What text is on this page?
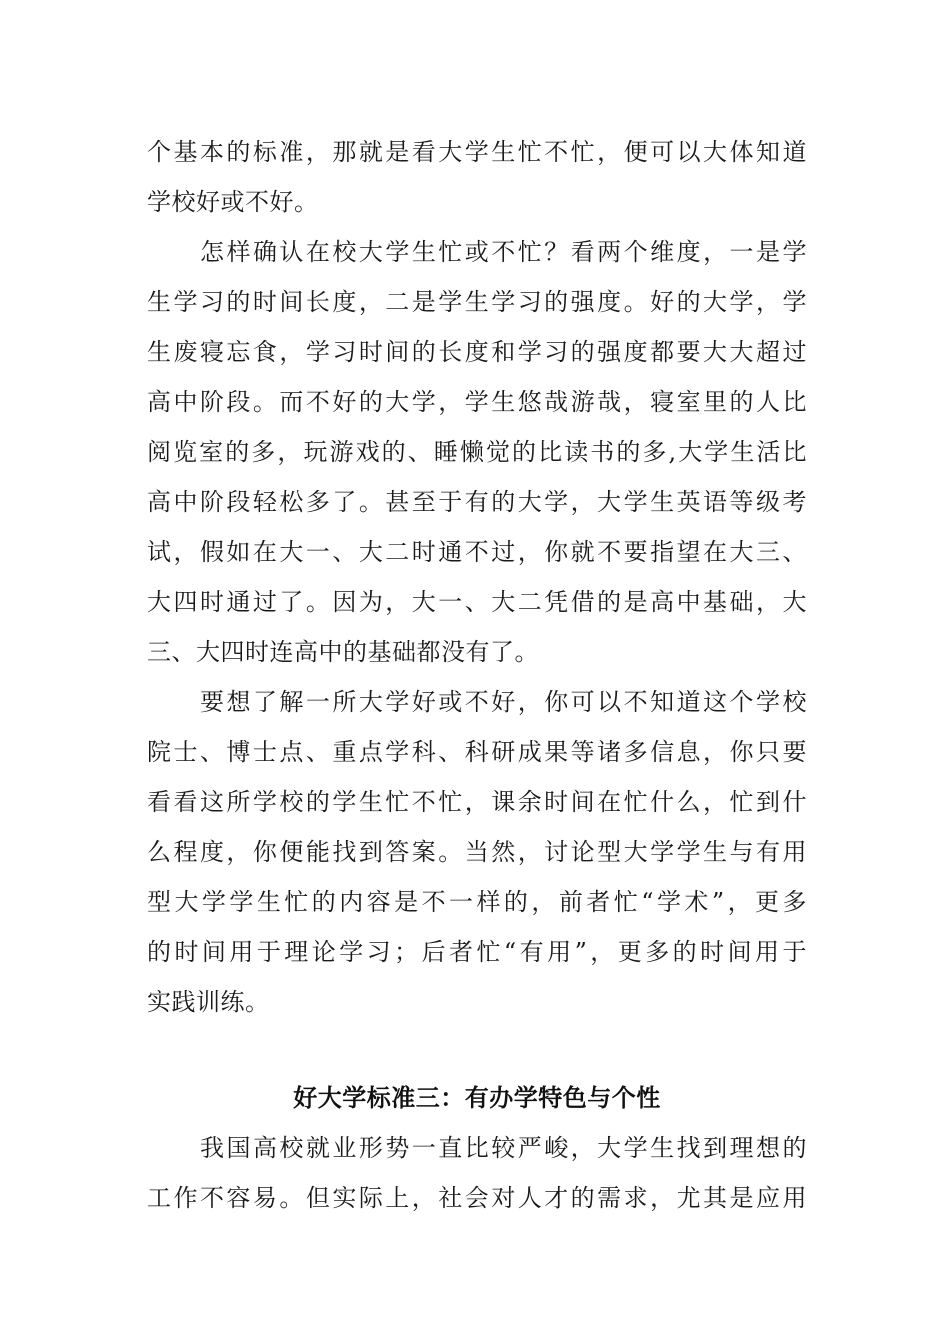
个基本的标准，那就是看大学生忙不忙，便可以大体知道
学校好或不好。
怎样确认在校大学生忙或不忙？看两个维度，一是学
生学习的时间长度，二是学生学习的强度。好的大学，学
生废寝忘食，学习时间的长度和学习的强度都要大大超过
高中阶段。而不好的大学，学生悠哉游哉，寝室里的人比
阅览室的多，玩游戏的、睡懒觉的比读书的多,大学生活比
高中阶段轻松多了。甚至于有的大学，大学生英语等级考
试，假如在大一、大二时通不过，你就不要指望在大三、
大四时通过了。因为，大一、大二凭借的是高中基础，大
三、大四时连高中的基础都没有了。
要想了解一所大学好或不好，你可以不知道这个学校
院士、博士点、重点学科、科研成果等诸多信息，你只要
看看这所学校的学生忙不忙，课余时间在忙什么，忙到什
么程度，你便能找到答案。当然，讨论型大学学生与有用
型大学学生忙的内容是不一样的，前者忙“学术”，更多
的时间用于理论学习；后者忙“有用”，更多的时间用于
实践训练。
好大学标准三：有办学特色与个性
我国高校就业形势一直比较严峻，大学生找到理想的
工作不容易。但实际上，社会对人才的需求，尤其是应用
